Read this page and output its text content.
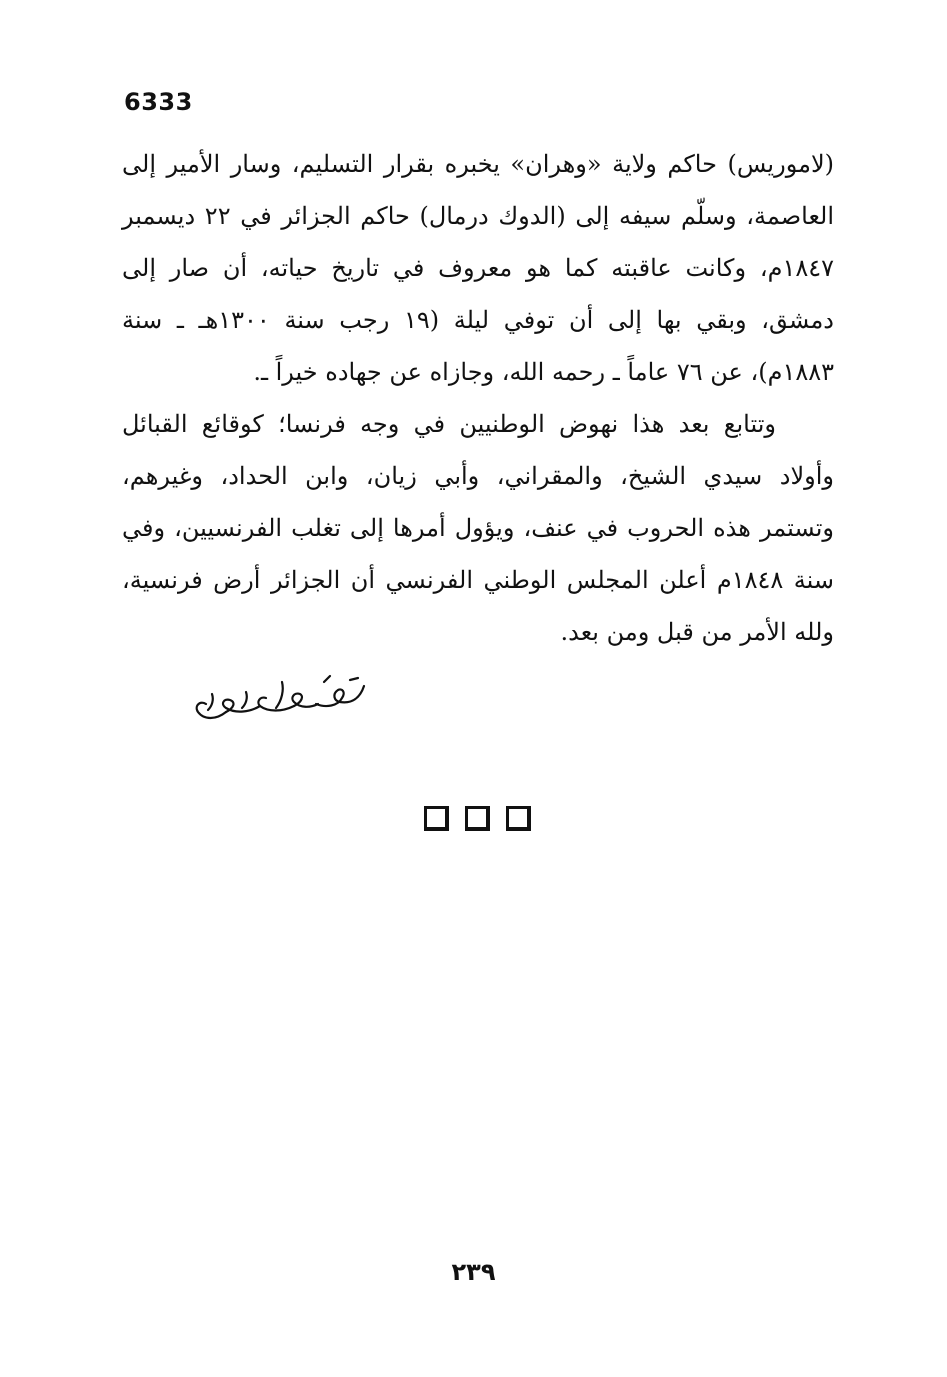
6333

(لاموريس) حاكم ولاية «وهران» يخبره بقرار التسليم، وسار الأمير إلى العاصمة، وسلّم سيفه إلى (الدوك درمال) حاكم الجزائر في ٢٢ ديسمبر ١٨٤٧م، وكانت عاقبته كما هو معروف في تاريخ حياته، أن صار إلى دمشق، وبقي بها إلى أن توفي ليلة (١٩ رجب سنة ١٣٠٠هـ ـ سنة ١٨٨٣م)، عن ٧٦ عاماً ـ رحمه الله، وجازاه عن جهاده خيراً ـ.

وتتابع بعد هذا نهوض الوطنيين في وجه فرنسا؛ كوقائع القبائل وأولاد سيدي الشيخ، والمقراني، وأبي زيان، وابن الحداد، وغيرهم، وتستمر هذه الحروب في عنف، ويؤول أمرها إلى تغلب الفرنسيين، وفي سنة ١٨٤٨م أعلن المجلس الوطني الفرنسي أن الجزائر أرض فرنسية، ولله الأمر من قبل ومن بعد.

٢٣٩
